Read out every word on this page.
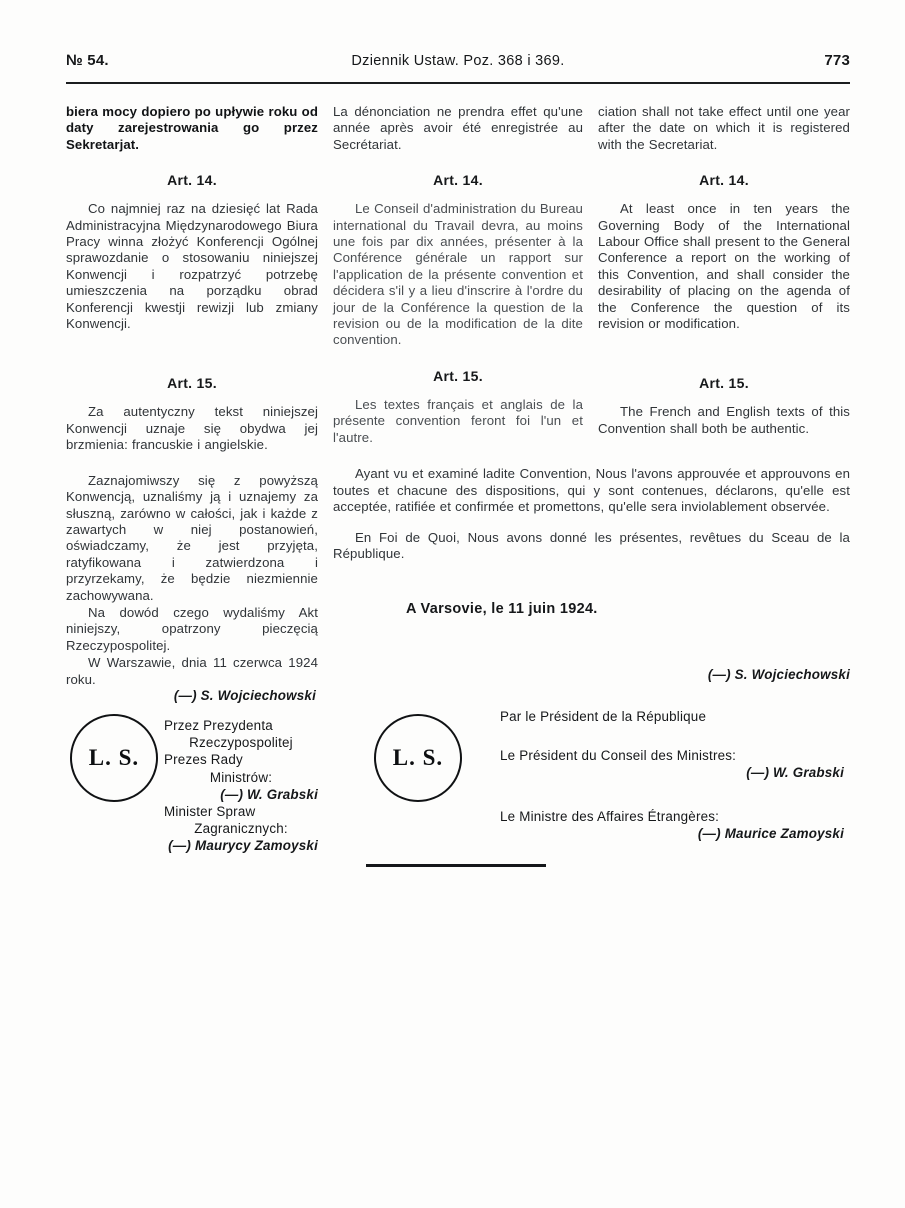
№ 54.	Dziennik Ustaw. Poz. 368 i 369.	773

biera mocy dopiero po upływie roku od daty zarejestrowania go przez Sekretarjat.

Art. 14.

Co najmniej raz na dziesięć lat Rada Administracyjna Międzynarodowego Biura Pracy winna złożyć Konferencji Ogólnej sprawozdanie o stosowaniu niniejszej Konwencji i rozpatrzyć potrzebę umieszczenia na porządku obrad Konferencji kwestji rewizji lub zmiany Konwencji.

Art. 15.

Za autentyczny tekst niniejszej Konwencji uznaje się obydwa jej brzmienia: francuskie i angielskie.

Zaznajomiwszy się z powyższą Konwencją, uznaliśmy ją i uznajemy za słuszną, zarówno w całości, jak i każde z zawartych w niej postanowień, oświadczamy, że jest przyjęta, ratyfikowana i zatwierdzona i przyrzekamy, że będzie niezmiennie zachowywana.

Na dowód czego wydaliśmy Akt niniejszy, opatrzony pieczęcią Rzeczypospolitej.

W Warszawie, dnia 11 czerwca 1924 roku.

La dénonciation ne prendra effet qu'une année après avoir été enregistrée au Secrétariat.

Art. 14.

Le Conseil d'administration du Bureau international du Travail devra, au moins une fois par dix années, présenter à la Conférence générale un rapport sur l'application de la présente convention et décidera s'il y a lieu d'inscrire à l'ordre du jour de la Conférence la question de la revision ou de la modification de la dite convention.

Art. 15.

Les textes français et anglais de la présente convention feront foi l'un et l'autre.

ciation shall not take effect until one year after the date on which it is registered with the Secretariat.

Art. 14.

At least once in ten years the Governing Body of the International Labour Office shall present to the General Conference a report on the working of this Convention, and shall consider the desirability of placing on the agenda of the Conference the question of its revision or modification.

Art. 15.

The French and English texts of this Convention shall both be authentic.

Ayant vu et examiné ladite Convention, Nous l'avons approuvée et approuvons en toutes et chacune des dispositions, qui y sont contenues, déclarons, qu'elle est acceptée, ratifiée et confirmée et promettons, qu'elle sera inviolablement observée.

En Foi de Quoi, Nous avons donné les présentes, revêtues du Sceau de la République.

A Varsovie, le 11 juin 1924.
L. S.
(—) S. Wojciechowski
Przez Prezydenta
Rzeczypospolitej
Prezes Rady
Ministrów:
(—) W. Grabski
Minister Spraw
Zagranicznych:
(—) Maurycy Zamoyski
(—) S. Wojciechowski
L. S.
Par le Président de la République
Le Président du Conseil des Ministres:
(—) W. Grabski
Le Ministre des Affaires Étrangères:
(—) Maurice Zamoyski
